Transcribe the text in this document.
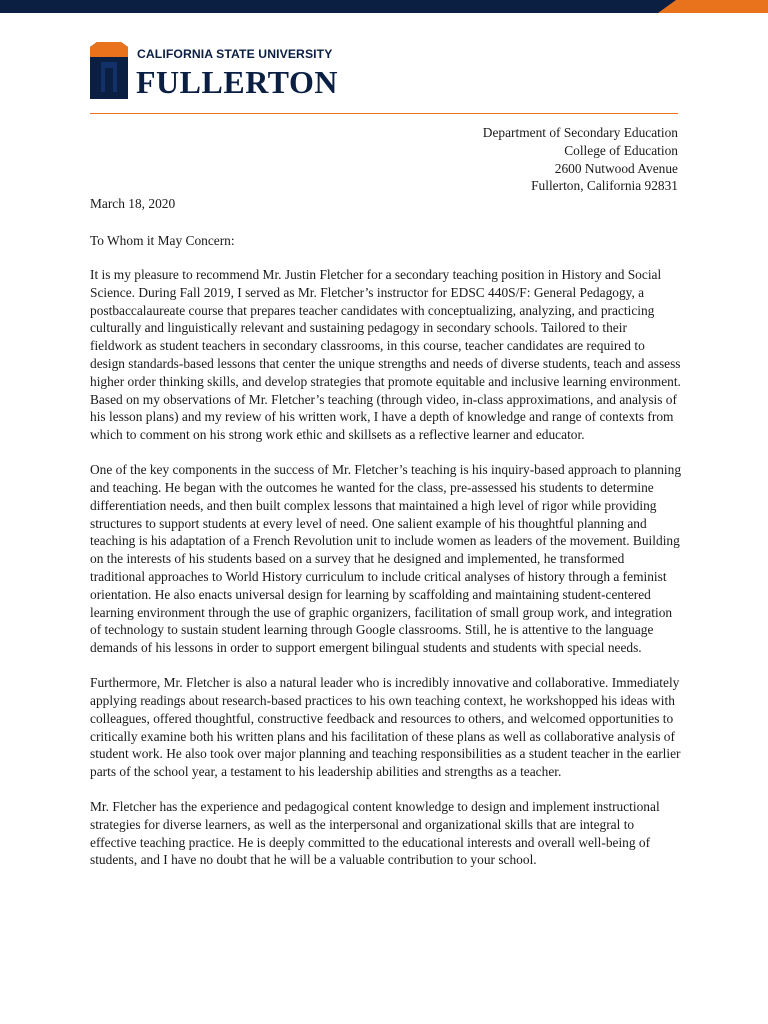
CALIFORNIA STATE UNIVERSITY
FULLERTON
Department of Secondary Education
College of Education
2600 Nutwood Avenue
Fullerton, California 92831
March 18, 2020
To Whom it May Concern:

It is my pleasure to recommend Mr. Justin Fletcher for a secondary teaching position in History and Social Science. During Fall 2019, I served as Mr. Fletcher’s instructor for EDSC 440S/F: General Pedagogy, a postbaccalaureate course that prepares teacher candidates with conceptualizing, analyzing, and practicing culturally and linguistically relevant and sustaining pedagogy in secondary schools. Tailored to their fieldwork as student teachers in secondary classrooms, in this course, teacher candidates are required to design standards-based lessons that center the unique strengths and needs of diverse students, teach and assess higher order thinking skills, and develop strategies that promote equitable and inclusive learning environment. Based on my observations of Mr. Fletcher’s teaching (through video, in-class approximations, and analysis of his lesson plans) and my review of his written work, I have a depth of knowledge and range of contexts from which to comment on his strong work ethic and skillsets as a reflective learner and educator.

One of the key components in the success of Mr. Fletcher’s teaching is his inquiry-based approach to planning and teaching. He began with the outcomes he wanted for the class, pre-assessed his students to determine differentiation needs, and then built complex lessons that maintained a high level of rigor while providing structures to support students at every level of need. One salient example of his thoughtful planning and teaching is his adaptation of a French Revolution unit to include women as leaders of the movement. Building on the interests of his students based on a survey that he designed and implemented, he transformed traditional approaches to World History curriculum to include critical analyses of history through a feminist orientation. He also enacts universal design for learning by scaffolding and maintaining student-centered learning environment through the use of graphic organizers, facilitation of small group work, and integration of technology to sustain student learning through Google classrooms. Still, he is attentive to the language demands of his lessons in order to support emergent bilingual students and students with special needs.

Furthermore, Mr. Fletcher is also a natural leader who is incredibly innovative and collaborative. Immediately applying readings about research-based practices to his own teaching context, he workshopped his ideas with colleagues, offered thoughtful, constructive feedback and resources to others, and welcomed opportunities to critically examine both his written plans and his facilitation of these plans as well as collaborative analysis of student work. He also took over major planning and teaching responsibilities as a student teacher in the earlier parts of the school year, a testament to his leadership abilities and strengths as a teacher.

Mr. Fletcher has the experience and pedagogical content knowledge to design and implement instructional strategies for diverse learners, as well as the interpersonal and organizational skills that are integral to effective teaching practice. He is deeply committed to the educational interests and overall well-being of students, and I have no doubt that he will be a valuable contribution to your school.
